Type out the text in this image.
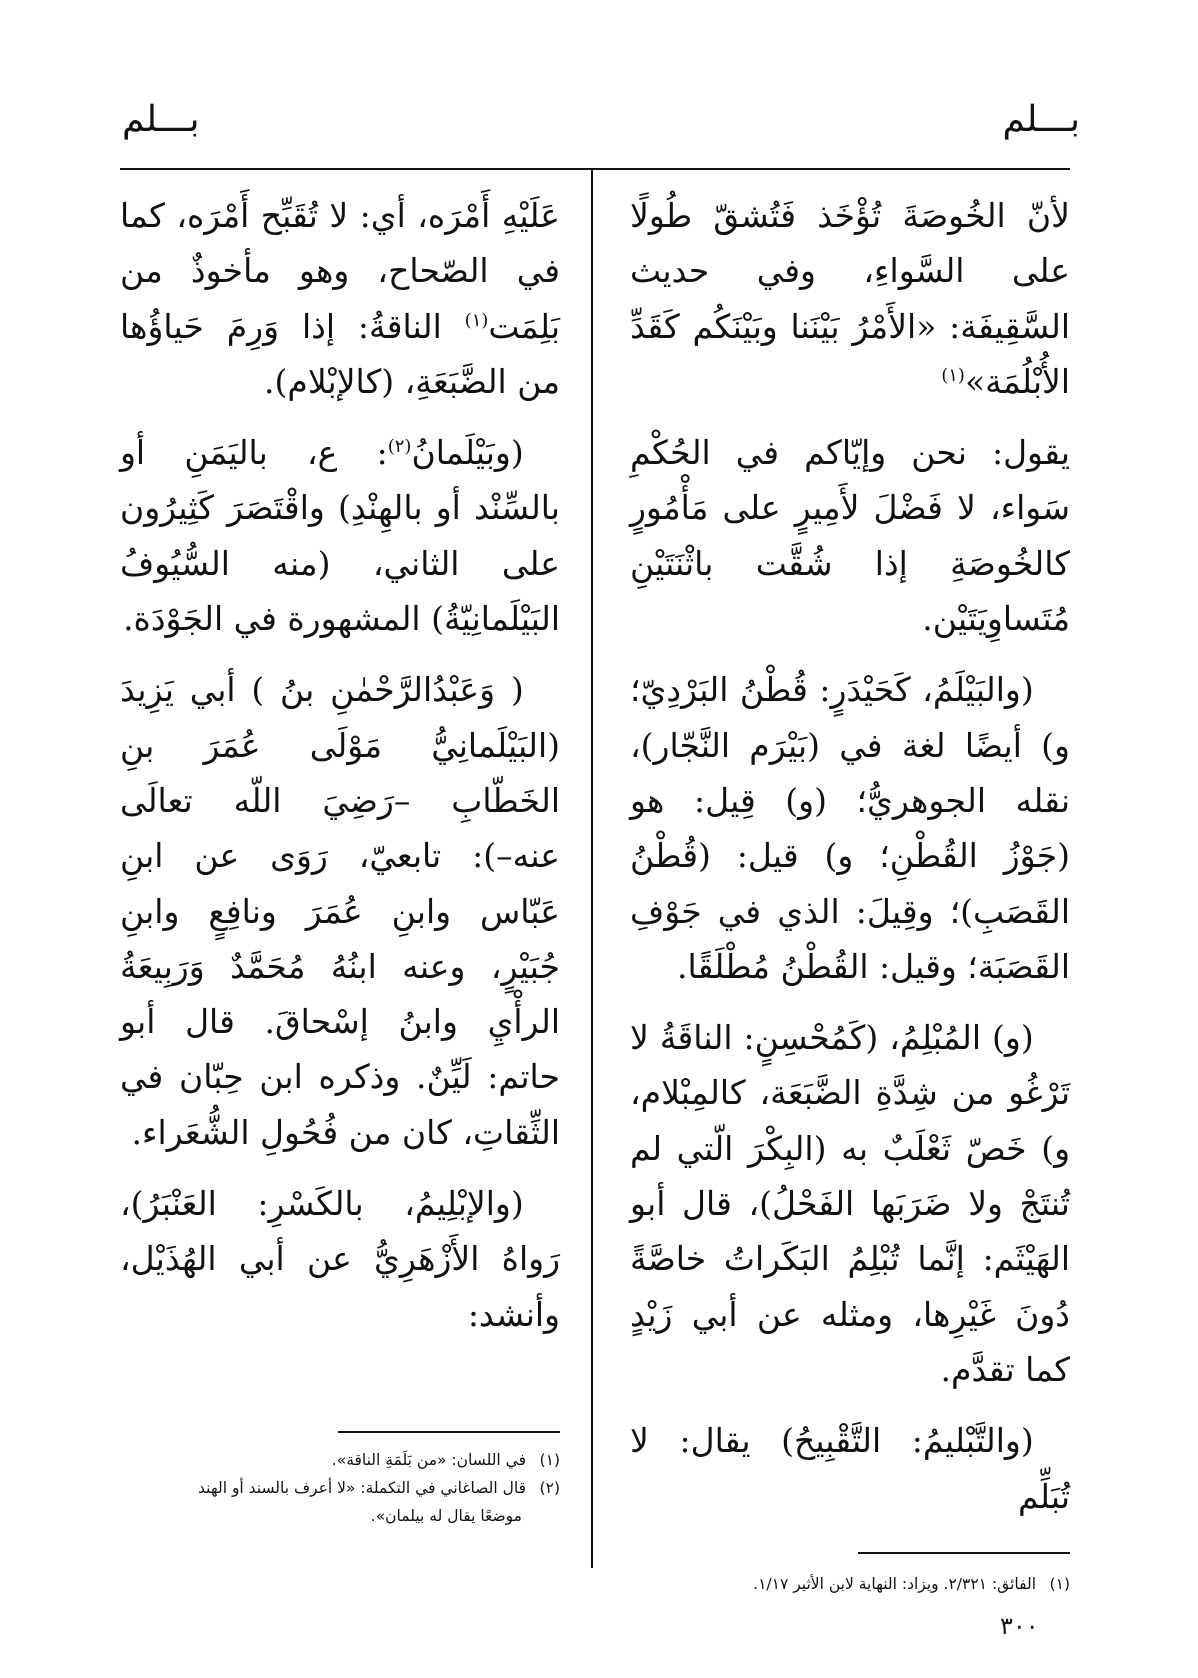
بـــلم
بـــلم

لأنّ الخُوصَةَ تُؤْخَذ فَتُشقّ طُولًا على السَّواءِ، وفي حديث السَّقِيفَة: «الأَمْرُ بَيْنَنا وبَيْنَكُم كَقَدِّ الأُبْلُمَة»$^{(١)}$

يقول: نحن وإيّاكم في الحُكْمِ سَواء، لا فَضْلَ لأَمِيرٍ على مَأْمُورٍ كالخُوصَةِ إذا شُقَّت باثْنَتَيْنِ مُتَساوِيَتَيْن.

(والبَيْلَمُ، كَحَيْدَرٍ: قُطْنُ البَرْدِيّ؛ و) أيضًا لغة في (بَيْرَم النَّجّار)، نقله الجوهريُّ؛ (و) قِيل: هو (جَوْزُ القُطْنِ؛ و) قيل: (قُطْنُ القَصَبِ)؛ وقِيلَ: الذي في جَوْفِ القَصَبَة؛ وقيل: القُطْنُ مُطْلَقًا.

(و) المُبْلِمُ، (كَمُحْسِنٍ: الناقَةُ لا تَرْغُو من شِدَّةِ الضَّبَعَة، كالمِبْلام، و) خَصّ ثَعْلَبٌ به (البِكْرَ الّتي لم تُنتَجْ ولا ضَرَبَها الفَحْلُ)، قال أبو الهَيْثَم: إنَّما تُبْلِمُ البَكَراتُ خاصَّةً دُونَ غَيْرِها، ومثله عن أبي زَيْدٍ كما تقدَّم.

(والتَّبْليمُ: التَّقْبِيحُ) يقال: لا تُبَلِّم

عَلَيْهِ أَمْرَه، أي: لا تُقَبِّح أَمْرَه، كما في الصّحاح، وهو مأخوذٌ من بَلِمَت$^{(١)}$ الناقةُ: إذا وَرِمَ حَياؤُها من الضَّبَعَةِ، (كالإبْلام).

(وبَيْلَمانُ$^{(٢)}$: ع، باليَمَنِ أو بالسِّنْد أو بالهِنْدِ) واقْتَصَرَ كَثِيرُون على الثاني، (منه السُّيُوفُ البَيْلَمانِيّةُ) المشهورة في الجَوْدَة.

( وَعَبْدُالرَّحْمٰنِ بنُ ) أبي يَزِيدَ (البَيْلَمانِيُّ مَوْلَى عُمَرَ بنِ الخَطّابِ –رَضِيَ اللّه تعالَى عنه–): تابعيّ، رَوَى عن ابنِ عَبّاس وابنِ عُمَرَ ونافِعٍ وابنِ جُبَيْرٍ، وعنه ابنُهُ مُحَمَّدٌ وَرَبِيعَةُ الرأْيِ وابنُ إسْحاقَ. قال أبو حاتم: لَيِّنٌ. وذكره ابن حِبّان في الثِّقاتِ، كان من فُحُولِ الشُّعَراء.

(والإبْلِيمُ، بالكَسْرِ: العَنْبَرُ)، رَواهُ الأَزْهَرِيُّ عن أبي الهُذَيْل، وأنشد:

(١)الفائق: ٢/٣٢١. ويزاد: النهاية لابن الأثير ١/١٧.

(١)في اللسان: «من بَلَمَةِ الناقة».

(٢)قال الصاغاني في التكملة: «لا أعرف بالسند أو الهند

موضعًا يقال له بيلمان».

٣٠٠
